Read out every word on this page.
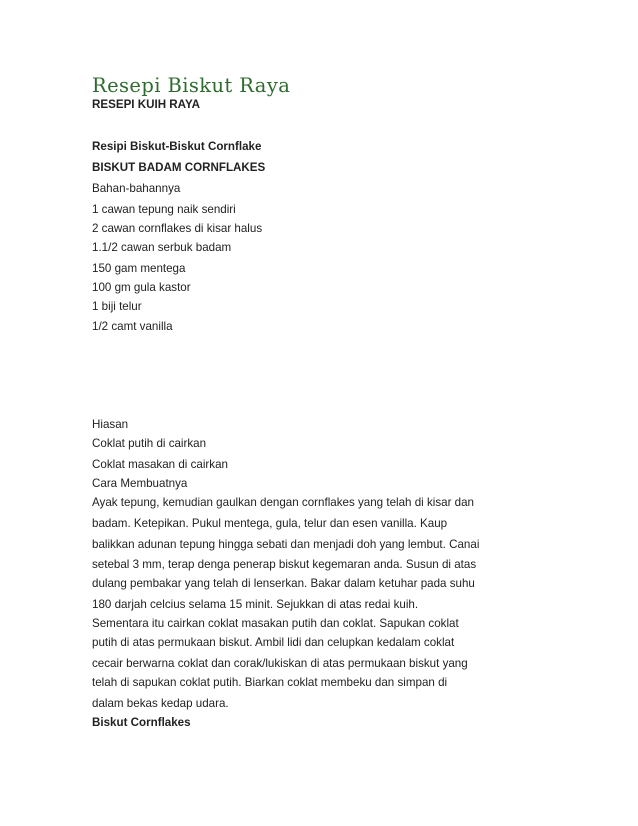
Resepi Biskut Raya

RESEPI KUIH RAYA

Resipi Biskut-Biskut Cornflake

BISKUT BADAM CORNFLAKES

Bahan-bahannya

1 cawan tepung naik sendiri

2 cawan cornflakes di kisar halus

1.1/2 cawan serbuk badam

150 gam mentega

100 gm gula kastor

1 biji telur

1/2 camt vanilla

Hiasan

Coklat putih di cairkan

Coklat masakan di cairkan

Cara Membuatnya

Ayak tepung, kemudian gaulkan dengan cornflakes yang telah di kisar dan

badam. Ketepikan. Pukul mentega, gula, telur dan esen vanilla. Kaup

balikkan adunan tepung hingga sebati dan menjadi doh yang lembut. Canai

setebal 3 mm, terap denga penerap biskut kegemaran anda. Susun di atas

dulang pembakar yang telah di lenserkan. Bakar dalam ketuhar pada suhu

180 darjah celcius selama 15 minit. Sejukkan di atas redai kuih.

Sementara itu cairkan coklat masakan putih dan coklat. Sapukan coklat

putih di atas permukaan biskut. Ambil lidi dan celupkan kedalam coklat

cecair berwarna coklat dan corak/lukiskan di atas permukaan biskut yang

telah di sapukan coklat putih. Biarkan coklat membeku dan simpan di

dalam bekas kedap udara.

Biskut Cornflakes
